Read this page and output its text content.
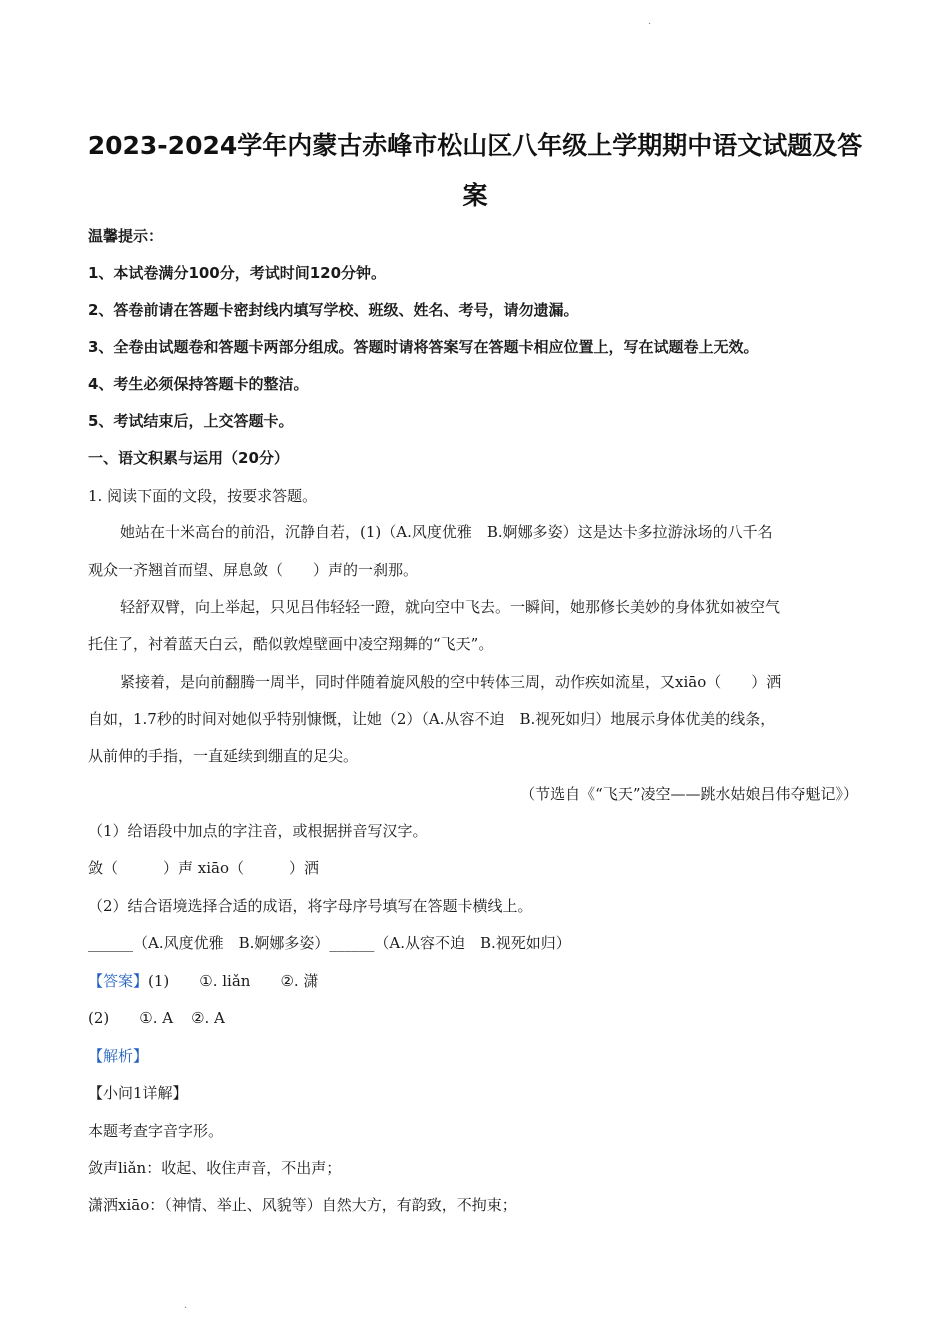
.
2023-2024学年内蒙古赤峰市松山区八年级上学期期中语文试题及答
案
温馨提示：
1、本试卷满分100分，考试时间120分钟。
2、答卷前请在答题卡密封线内填写学校、班级、姓名、考号，请勿遗漏。
3、全卷由试题卷和答题卡两部分组成。答题时请将答案写在答题卡相应位置上，写在试题卷上无效。
4、考生必须保持答题卡的整洁。
5、考试结束后，上交答题卡。
一、语文积累与运用（20分）
1. 阅读下面的文段，按要求答题。
她站在十米高台的前沿，沉静自若，(1)（A.风度优雅　B.婀娜多姿）这是达卡多拉游泳场的八千名
观众一齐翘首而望、屏息敛（　　）声的一刹那。
轻舒双臂，向上举起，只见吕伟轻轻一蹬，就向空中飞去。一瞬间，她那修长美妙的身体犹如被空气
托住了，衬着蓝天白云，酷似敦煌壁画中凌空翔舞的“飞天”。
紧接着，是向前翻腾一周半，同时伴随着旋风般的空中转体三周，动作疾如流星，又xiāo（　　）洒
自如，1.7秒的时间对她似乎特别慷慨，让她（2）（A.从容不迫　B.视死如归）地展示身体优美的线条，
从前伸的手指，一直延续到绷直的足尖。
（节选自《“飞天”凌空——跳水姑娘吕伟夺魁记》）
（1）给语段中加点的字注音，或根据拼音写汉字。
敛（　　　）声 xiāo（　　　）洒
（2）结合语境选择合适的成语，将字母序号填写在答题卡横线上。
______（A.风度优雅　B.婀娜多姿）______（A.从容不迫　B.视死如归）
【答案】(1) ①. liǎn ②. 潇
(2) ①. A ②. A
【解析】
【小问1详解】
本题考查字音字形。
敛声liǎn：收起、收住声音，不出声；
潇洒xiāo：（神情、举止、风貌等）自然大方，有韵致，不拘束；
.
